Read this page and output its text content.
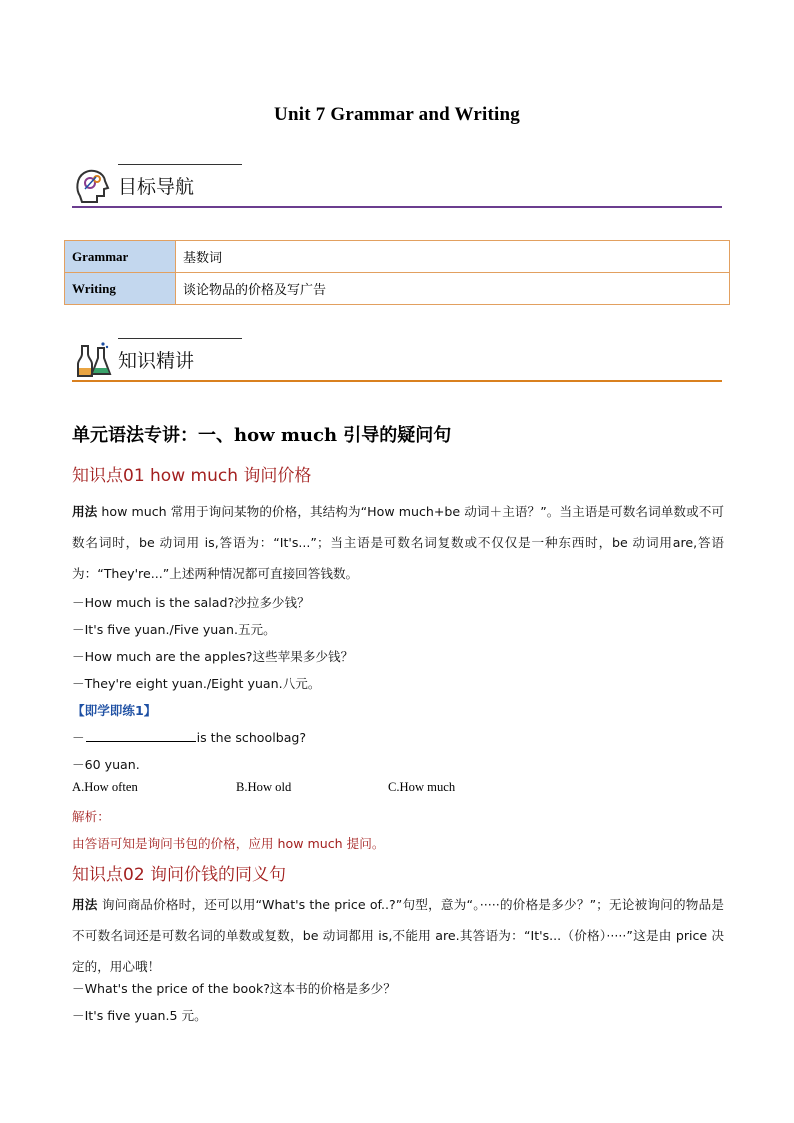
Unit 7 Grammar and Writing
目标导航
Grammar	基数词
Writing	谈论物品的价格及写广告
知识精讲
单元语法专讲：一、how much 引导的疑问句
知识点01 how much 询问价格
用法 how much 常用于询问某物的价格，其结构为“How much+be 动词＋主语？”。当主语是可数名词单数或不可数名词时，be 动词用 is,答语为：“It's...”；当主语是可数名词复数或不仅仅是一种东西时，be 动词用are,答语为：“They're...”上述两种情况都可直接回答钱数。
－How much is the salad?沙拉多少钱？
－It's five yuan./Five yuan.五元。
－How much are the apples?这些苹果多少钱？
－They're eight yuan./Eight yuan.八元。
【即学即练1】
－	is the schoolbag?
－60 yuan.
A.How often	B.How old	C.How much
解析：
由答语可知是询问书包的价格，应用 how much 提问。
知识点02 询问价钱的同义句
用法 询问商品价格时，还可以用“What's the price of..?”句型，意为“。·····的价格是多少？”；无论被询问的物品是不可数名词还是可数名词的单数或复数，be 动词都用 is,不能用 are.其答语为：“It's...（价格）·····”这是由 price 决定的，用心哦！
－What's the price of the book?这本书的价格是多少？
－It's five yuan.5 元。
